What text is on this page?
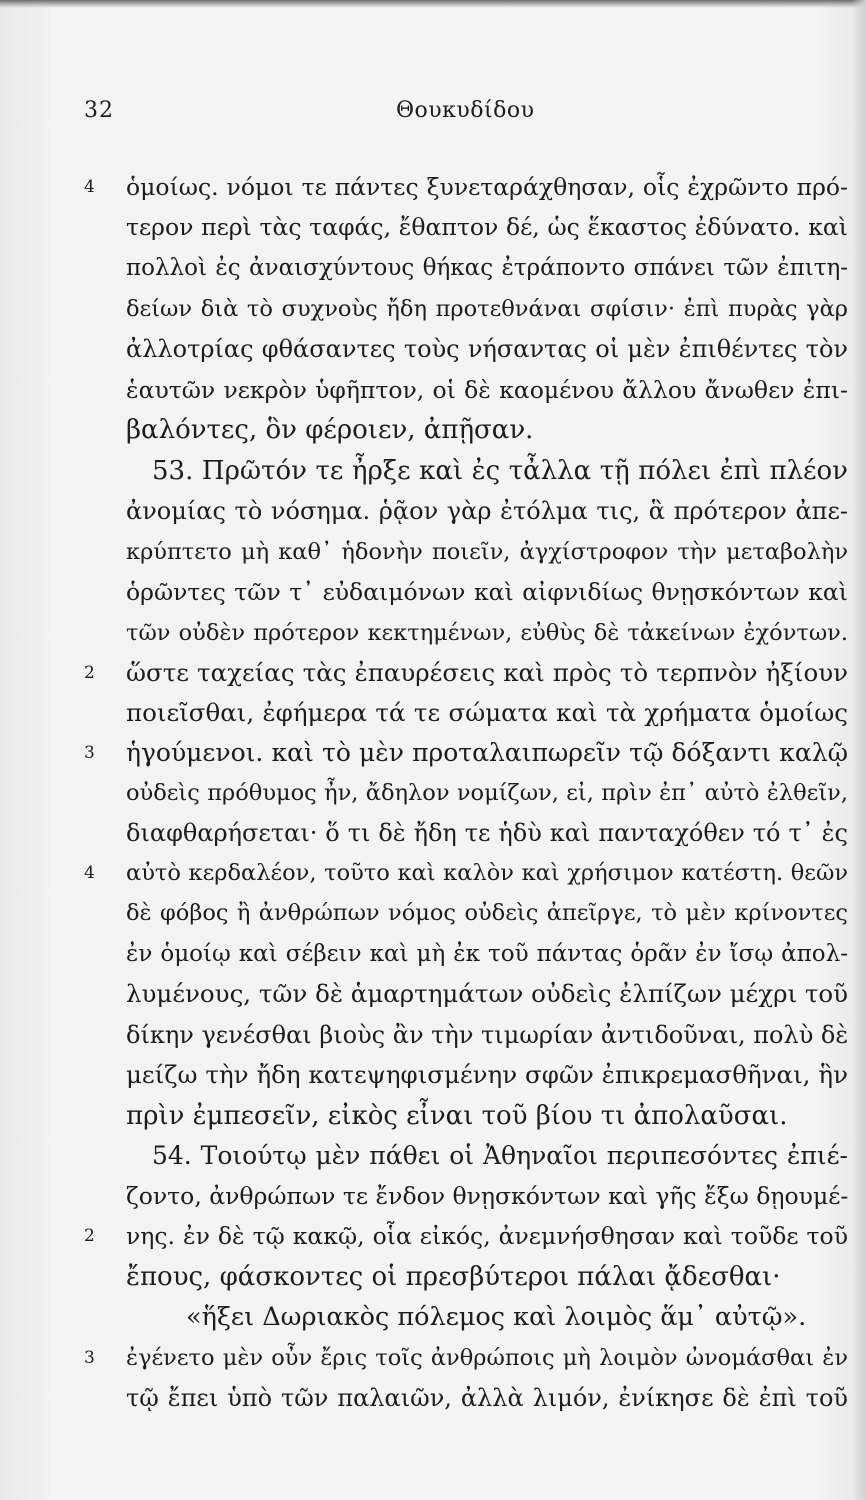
32	Θουκυδίδου
4
2
3
4
2
3
ὁμοίως. νόμοι τε πάντες ξυνεταράχθησαν, οἷς ἐχρῶντο πρό-
τερον περὶ τὰς ταφάς, ἔθαπτον δέ, ὡς ἕκαστος ἐδύνατο. καὶ
πολλοὶ ἐς ἀναισχύντους θήκας ἐτράποντο σπάνει τῶν ἐπιτη-
δείων διὰ τὸ συχνοὺς ἤδη προτεθνάναι σφίσιν· ἐπὶ πυρὰς γὰρ
ἀλλοτρίας φθάσαντες τοὺς νήσαντας οἱ μὲν ἐπιθέντες τὸν
ἑαυτῶν νεκρὸν ὑφῆπτον, οἱ δὲ καομένου ἄλλου ἄνωθεν ἐπι-
βαλόντες, ὃν φέροιεν, ἀπῇσαν.
53. Πρῶτόν τε ἦρξε καὶ ἐς τἆλλα τῇ πόλει ἐπὶ πλέον
ἀνομίας τὸ νόσημα. ῥᾷον γὰρ ἐτόλμα τις, ἃ πρότερον ἀπε-
κρύπτετο μὴ καθ᾽ ἡδονὴν ποιεῖν, ἀγχίστροφον τὴν μεταβολὴν
ὁρῶντες τῶν τ᾽ εὐδαιμόνων καὶ αἰφνιδίως θνῃσκόντων καὶ
τῶν οὐδὲν πρότερον κεκτημένων, εὐθὺς δὲ τἀκείνων ἐχόντων.
ὥστε ταχείας τὰς ἐπαυρέσεις καὶ πρὸς τὸ τερπνὸν ἠξίουν
ποιεῖσθαι, ἐφήμερα τά τε σώματα καὶ τὰ χρήματα ὁμοίως
ἡγούμενοι. καὶ τὸ μὲν προταλαιπωρεῖν τῷ δόξαντι καλῷ
οὐδεὶς πρόθυμος ἦν, ἄδηλον νομίζων, εἰ, πρὶν ἐπ᾽ αὐτὸ ἐλθεῖν,
διαφθαρήσεται· ὅ τι δὲ ἤδη τε ἡδὺ καὶ πανταχόθεν τό τ᾽ ἐς
αὐτὸ κερδαλέον, τοῦτο καὶ καλὸν καὶ χρήσιμον κατέστη. θεῶν
δὲ φόβος ἢ ἀνθρώπων νόμος οὐδεὶς ἀπεῖργε, τὸ μὲν κρίνοντες
ἐν ὁμοίῳ καὶ σέβειν καὶ μὴ ἐκ τοῦ πάντας ὁρᾶν ἐν ἴσῳ ἀπολ-
λυμένους, τῶν δὲ ἁμαρτημάτων οὐδεὶς ἐλπίζων μέχρι τοῦ
δίκην γενέσθαι βιοὺς ἂν τὴν τιμωρίαν ἀντιδοῦναι, πολὺ δὲ
μείζω τὴν ἤδη κατεψηφισμένην σφῶν ἐπικρεμασθῆναι, ἣν
πρὶν ἐμπεσεῖν, εἰκὸς εἶναι τοῦ βίου τι ἀπολαῦσαι.
54. Τοιούτῳ μὲν πάθει οἱ Ἀθηναῖοι περιπεσόντες ἐπιέ-
ζοντο, ἀνθρώπων τε ἔνδον θνῃσκόντων καὶ γῆς ἔξω δῃουμέ-
νης. ἐν δὲ τῷ κακῷ, οἷα εἰκός, ἀνεμνήσθησαν καὶ τοῦδε τοῦ
ἔπους, φάσκοντες οἱ πρεσβύτεροι πάλαι ᾄδεσθαι·
«ἥξει Δωριακὸς πόλεμος καὶ λοιμὸς ἅμ᾽ αὐτῷ».
ἐγένετο μὲν οὖν ἔρις τοῖς ἀνθρώποις μὴ λοιμὸν ὠνομάσθαι ἐν
τῷ ἔπει ὑπὸ τῶν παλαιῶν, ἀλλὰ λιμόν, ἐνίκησε δὲ ἐπὶ τοῦ
